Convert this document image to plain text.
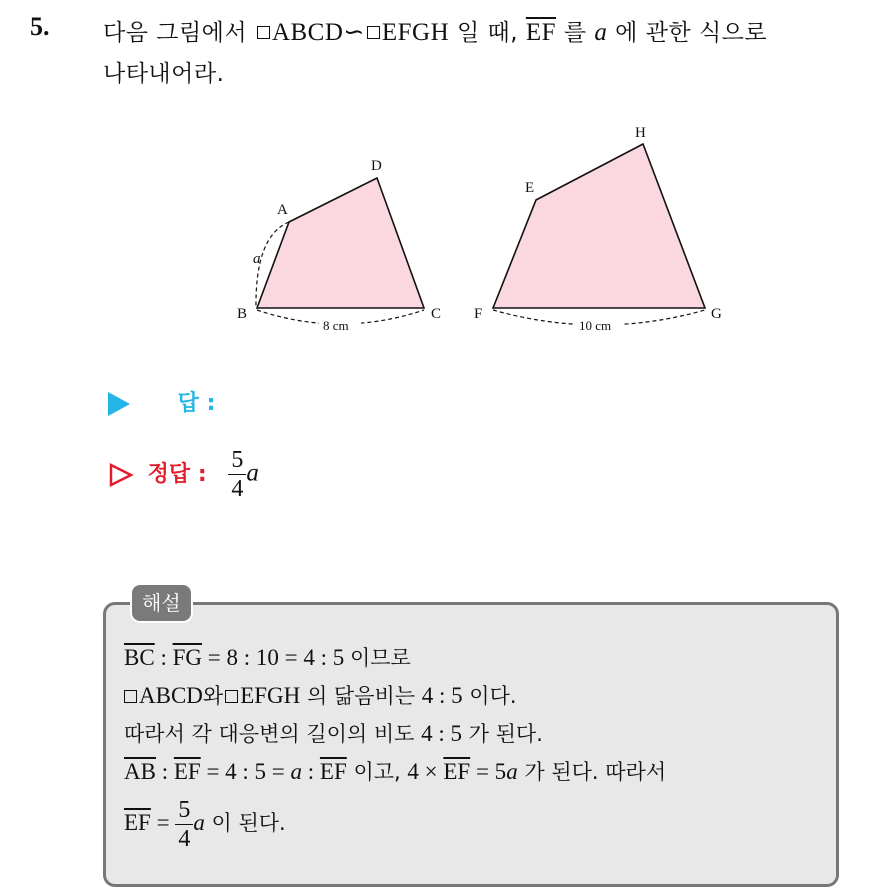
5. 다음 그림에서 ABCD∽ EFGH 일 때, $\overline{EF}$ 를 a 에 관한 식으로
나타내어라.
A
B	C
D
E
F	G
H
a
8 cm	10 cm
답 :
정답 : $\frac{5}{4}$ a
해설
$\overline{BC}$ : $\overline{FG} = 8$ : 10 = 4 : 5 이므로
ABCD와 EFGH 의 닮음비는 4 : 5 이다.
따라서 각 대응변의 길이의 비도 4 : 5 가 된다.
$\overline{AB}$ : $\overline{EF} = 4$ : 5 = a : $\overline{EF}$ 이고, $4 \times \overline{EF} = 5a$ 가 된다. 따라서
$\overline{EF} = \frac{5}{4}$ a 이 된다.
